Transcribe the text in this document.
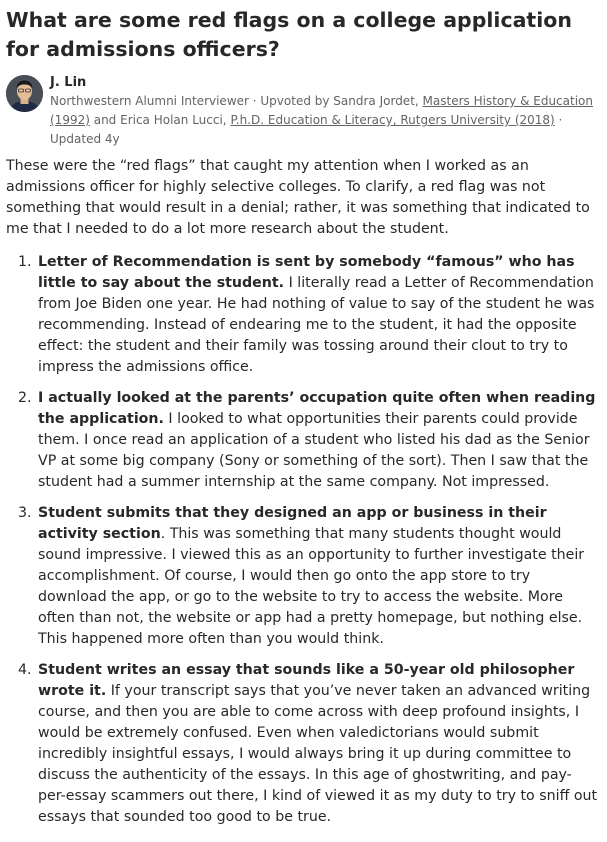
What are some red flags on a college application for admissions officers?
J. Lin
Northwestern Alumni Interviewer · Upvoted by Sandra Jordet, Masters History & Education (1992) and Erica Holan Lucci, P.h.D. Education & Literacy, Rutgers University (2018) · Updated 4y

These were the “red flags” that caught my attention when I worked as an admissions officer for highly selective colleges. To clarify, a red flag was not something that would result in a denial; rather, it was something that indicated to me that I needed to do a lot more research about the student.

1. Letter of Recommendation is sent by somebody “famous” who has little to say about the student. I literally read a Letter of Recommendation from Joe Biden one year. He had nothing of value to say of the student he was recommending. Instead of endearing me to the student, it had the opposite effect: the student and their family was tossing around their clout to try to impress the admissions office.
2. I actually looked at the parents’ occupation quite often when reading the application. I looked to what opportunities their parents could provide them. I once read an application of a student who listed his dad as the Senior VP at some big company (Sony or something of the sort). Then I saw that the student had a summer internship at the same company. Not impressed.
3. Student submits that they designed an app or business in their activity section. This was something that many students thought would sound impressive. I viewed this as an opportunity to further investigate their accomplishment. Of course, I would then go onto the app store to try download the app, or go to the website to try to access the website. More often than not, the website or app had a pretty homepage, but nothing else. This happened more often than you would think.
4. Student writes an essay that sounds like a 50-year old philosopher wrote it. If your transcript says that you’ve never taken an advanced writing course, and then you are able to come across with deep profound insights, I would be extremely confused. Even when valedictorians would submit incredibly insightful essays, I would always bring it up during committee to discuss the authenticity of the essays. In this age of ghostwriting, and pay-per-essay scammers out there, I kind of viewed it as my duty to try to sniff out essays that sounded too good to be true.
